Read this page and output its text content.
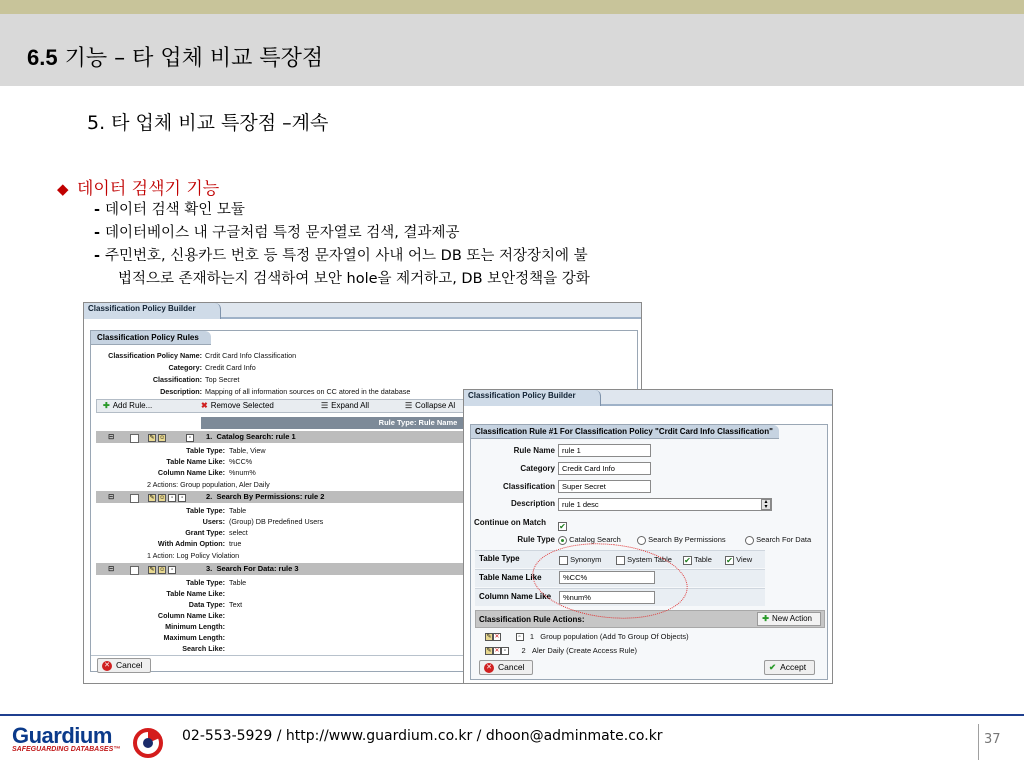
6.5 기능 – 타 업체 비교 특장점
5. 타 업체 비교 특장점 –계속
◆ 데이터 검색기 기능
- 데이터 검색 확인 모듈
- 데이터베이스 내 구글처럼 특정 문자열로 검색, 결과제공
- 주민번호, 신용카드 번호 등 특정 문자열이 사내 어느 DB 또는 저장장치에 불
법적으로 존재하는지 검색하여 보안 hole을 제거하고, DB 보안정책을 강화
Classification Policy Builder
Classification Policy Rules
Classification Policy Name: Crdit Card Info Classification
Category: Credit Card Info
Classification: Top Secret
Description: Mapping of all information sources on CC atored in the database
✚ Add Rule...	✖ Remove Selected	☰ Expand All	☰ Collapse Al
Rule Type: Rule Name
⊟	✎ ☺	▫	1. Catalog Search: rule 1
Table Type: Table, View
Table Name Like: %CC%
Column Name Like: %num%
2 Actions: Group population, Aler Daily
⊟	✎ ☺ ▫ ▫	2. Search By Permissions: rule 2
Table Type: Table
Users: (Group) DB Predefined Users
Grant Type: select
With Admin Option: true
1 Action: Log Policy Violation
⊟	✎ ☺ ▫	3. Search For Data: rule 3
Table Type: Table
Table Name Like:
Data Type: Text
Column Name Like:
Minimum Length:
Maximum Length:
Search Like:
✕ Cancel
Classification Policy Builder
Classification Rule #1 For Classification Policy "Crdit Card Info Classification"
Rule Name rule 1
Category Credit Card Info
Classification Super Secret
Description rule 1 desc	▴
▾
Continue on Match ✔
Rule Type	Catalog Search	Search By Permissions	Search For Data
Table Type	Synonym	System Table ✔ Table ✔ View
Table Name Like	%CC%
Column Name Like	%num%
Classification Rule Actions:	✚ New Action
✎ ✕	▫ 1 Group population (Add To Group Of Objects)
✎ ✕ ▫ 2 Aler Daily (Create Access Rule)
✕ Cancel	✔ Accept
Guardium
SAFEGUARDING DATABASES™
02-553-5929 / http://www.guardium.co.kr / dhoon@adminmate.co.kr	37
